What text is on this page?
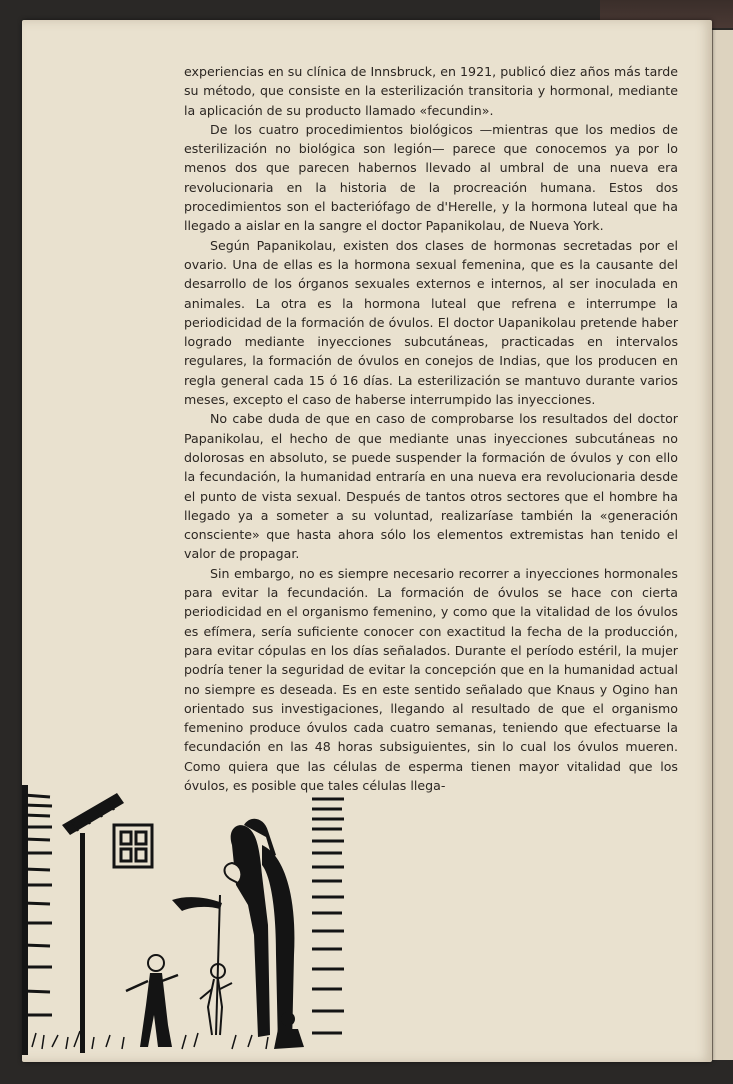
experiencias en su clínica de Innsbruck, en 1921, publicó diez años más tarde su método, que consiste en la esterilización transitoria y hormonal, mediante la aplicación de su producto llamado «fecundin».

De los cuatro procedimientos biológicos —mientras que los medios de esterilización no biológica son legión— parece que conocemos ya por lo menos dos que parecen habernos llevado al umbral de una nueva era revolucionaria en la historia de la procreación humana. Estos dos procedimientos son el bacteriófago de d'Herelle, y la hormona luteal que ha llegado a aislar en la sangre el doctor Papanikolau, de Nueva York.

Según Papanikolau, existen dos clases de hormonas secretadas por el ovario. Una de ellas es la hormona sexual femenina, que es la causante del desarrollo de los órganos sexuales externos e internos, al ser inoculada en animales. La otra es la hormona luteal que refrena e interrumpe la periodicidad de la formación de óvulos. El doctor Uapanikolau pretende haber logrado mediante inyecciones subcutáneas, practicadas en intervalos regulares, la formación de óvulos en conejos de Indias, que los producen en regla general cada 15 ó 16 días. La esterilización se mantuvo durante varios meses, excepto el caso de haberse interrumpido las inyecciones.

No cabe duda de que en caso de comprobarse los resultados del doctor Papanikolau, el hecho de que mediante unas inyecciones subcutáneas no dolorosas en absoluto, se puede suspender la formación de óvulos y con ello la fecundación, la humanidad entraría en una nueva era revolucionaria desde el punto de vista sexual. Después de tantos otros sectores que el hombre ha llegado ya a someter a su voluntad, realizaríase también la «generación consciente» que hasta ahora sólo los elementos extremistas han tenido el valor de propagar.

Sin embargo, no es siempre necesario recorrer a inyecciones hormonales para evitar la fecundación. La formación de óvulos se hace con cierta periodicidad en el organismo femenino, y como que la vitalidad de los óvulos es efímera, sería suficiente conocer con exactitud la fecha de la producción, para evitar cópulas en los días señalados. Durante el período estéril, la mujer podría tener la seguridad de evitar la concepción que en la humanidad actual no siempre es deseada. Es en este sentido señalado que Knaus y Ogino han orientado sus investigaciones, llegando al resultado de que el organismo femenino produce óvulos cada cuatro semanas, teniendo que efectuarse la fecundación en las 48 horas subsiguientes, sin lo cual los óvulos mueren. Como quiera que las células de esperma tienen mayor vitalidad que los óvulos, es posible que tales células llega-
